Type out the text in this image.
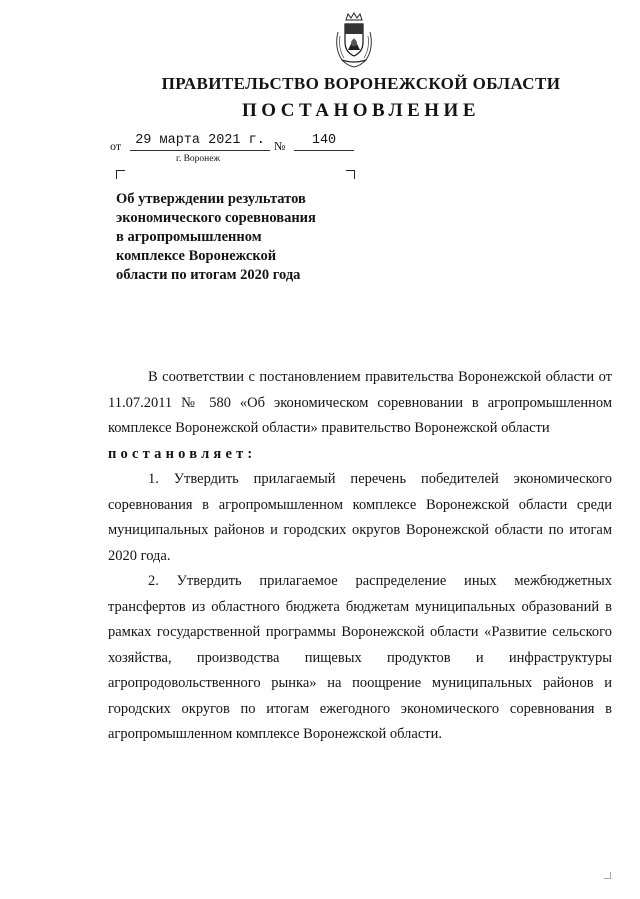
ПРАВИТЕЛЬСТВО ВОРОНЕЖСКОЙ ОБЛАСТИ
ПОСТАНОВЛЕНИЕ
от	29 марта 2021 г. №	140
г. Воронеж
Об утверждении результатов
экономического соревнования
в агропромышленном
комплексе Воронежской
области по итогам 2020 года

В соответствии с постановлением правительства Воронежской области от 11.07.2011 № 580 «Об экономическом соревновании в агропромышленном комплексе Воронежской области» правительство Воронежской области

постановляет:

1. Утвердить прилагаемый перечень победителей экономического соревнования в агропромышленном комплексе Воронежской области среди муниципальных районов и городских округов Воронежской области по итогам 2020 года.

2. Утвердить прилагаемое распределение иных межбюджетных трансфертов из областного бюджета бюджетам муниципальных образований в рамках государственной программы Воронежской области «Развитие сельского хозяйства, производства пищевых продуктов и инфраструктуры агропродовольственного рынка» на поощрение муниципальных районов и городских округов по итогам ежегодного экономического соревнования в агропромышленном комплексе Воронежской области.
